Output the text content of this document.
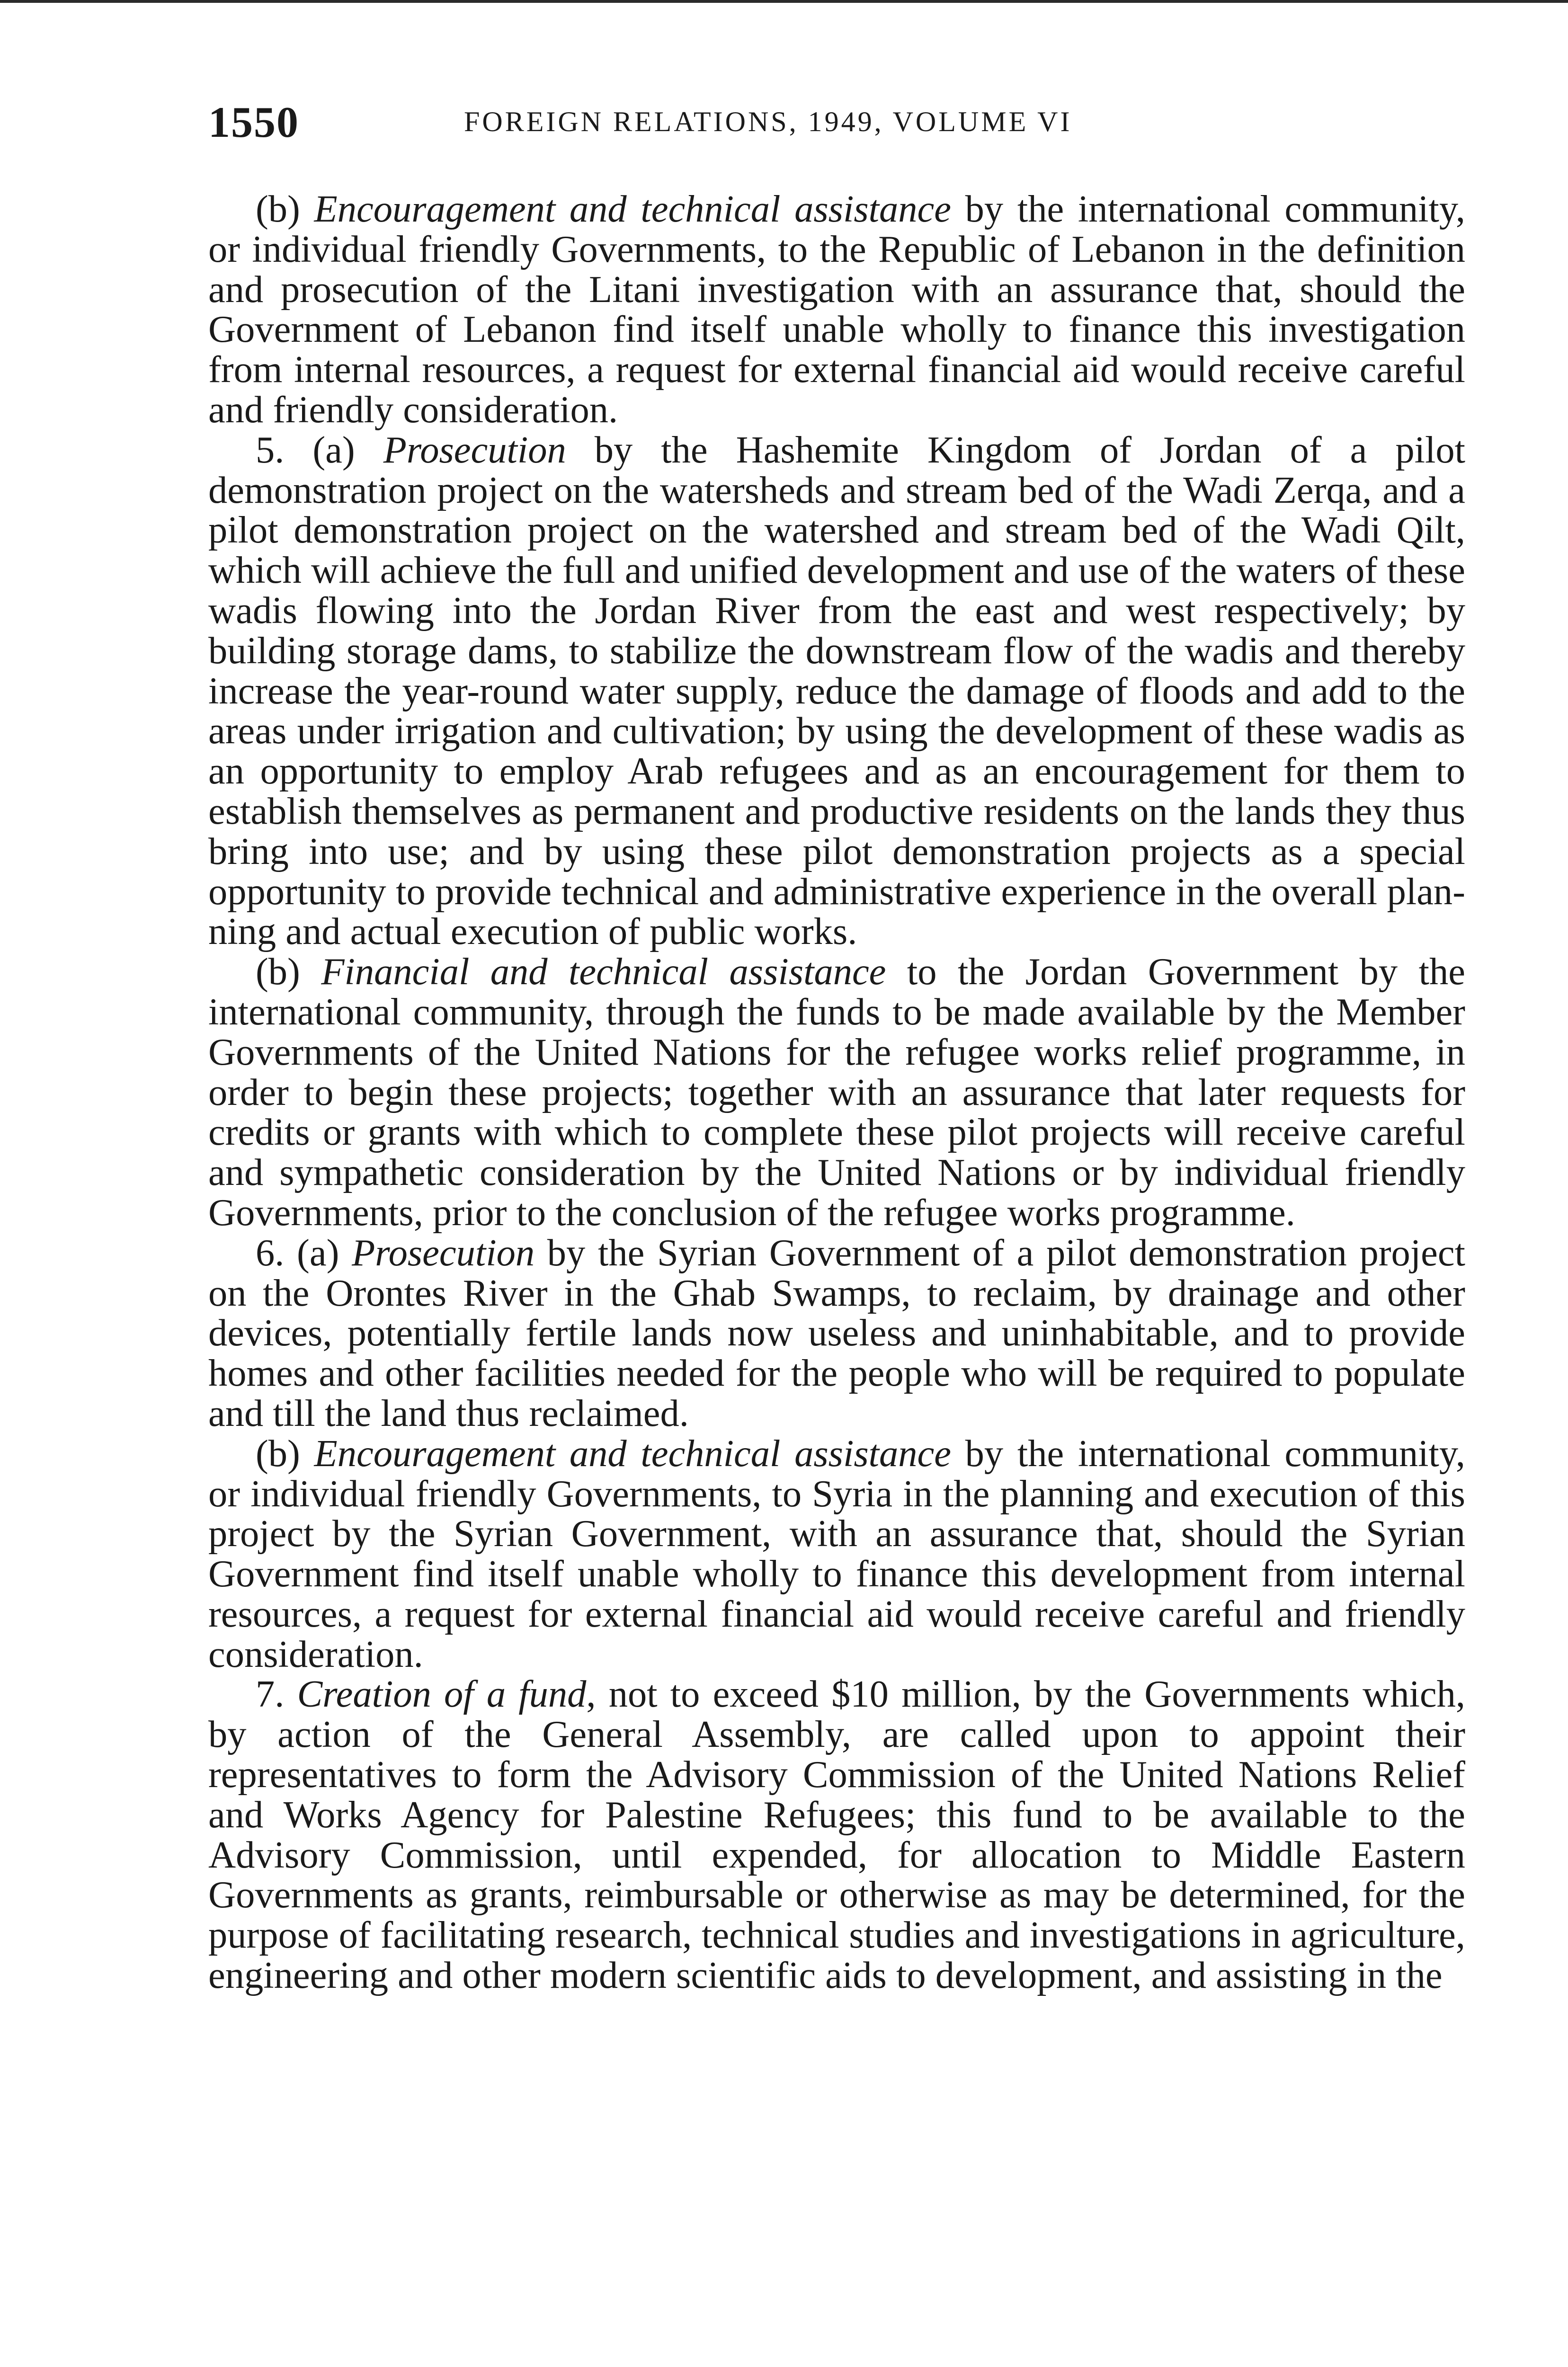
1550	FOREIGN RELATIONS, 1949, VOLUME VI

(b) Encouragement and technical assistance by the international community, or individual friendly Governments, to the Republic of Lebanon in the definition and prosecution of the Litani investigation with an assurance that, should the Government of Lebanon find itself unable wholly to finance this investigation from internal resources, a request for external financial aid would receive careful and friendly consideration.

5. (a) Prosecution by the Hashemite Kingdom of Jordan of a pilot demonstration project on the watersheds and stream bed of the Wadi Zerqa, and a pilot demonstration project on the watershed and stream bed of the Wadi Qilt, which will achieve the full and unified development and use of the waters of these wadis flowing into the Jordan River from the east and west respectively; by building storage dams, to stabilize the downstream flow of the wadis and thereby increase the year-round water supply, reduce the damage of floods and add to the areas under irrigation and cultivation; by using the development of these wadis as an opportunity to employ Arab refugees and as an encouragement for them to establish themselves as permanent and productive residents on the lands they thus bring into use; and by using these pilot demonstration projects as a special opportunity to provide technical and administrative experience in the overall planning and actual execution of public works.

(b) Financial and technical assistance to the Jordan Government by the international community, through the funds to be made available by the Member Governments of the United Nations for the refugee works relief programme, in order to begin these projects; together with an assurance that later requests for credits or grants with which to complete these pilot projects will receive careful and sympathetic consideration by the United Nations or by individual friendly Governments, prior to the conclusion of the refugee works programme.

6. (a) Prosecution by the Syrian Government of a pilot demonstration project on the Orontes River in the Ghab Swamps, to reclaim, by drainage and other devices, potentially fertile lands now useless and uninhabitable, and to provide homes and other facilities needed for the people who will be required to populate and till the land thus reclaimed.

(b) Encouragement and technical assistance by the international community, or individual friendly Governments, to Syria in the planning and execution of this project by the Syrian Government, with an assurance that, should the Syrian Government find itself unable wholly to finance this development from internal resources, a request for external financial aid would receive careful and friendly consideration.

7. Creation of a fund, not to exceed $10 million, by the Governments which, by action of the General Assembly, are called upon to appoint their representatives to form the Advisory Commission of the United Nations Relief and Works Agency for Palestine Refugees; this fund to be available to the Advisory Commission, until expended, for allocation to Middle Eastern Governments as grants, reimbursable or otherwise as may be determined, for the purpose of facilitating research, technical studies and investigations in agriculture, engineering and other modern scientific aids to development, and assisting in the
